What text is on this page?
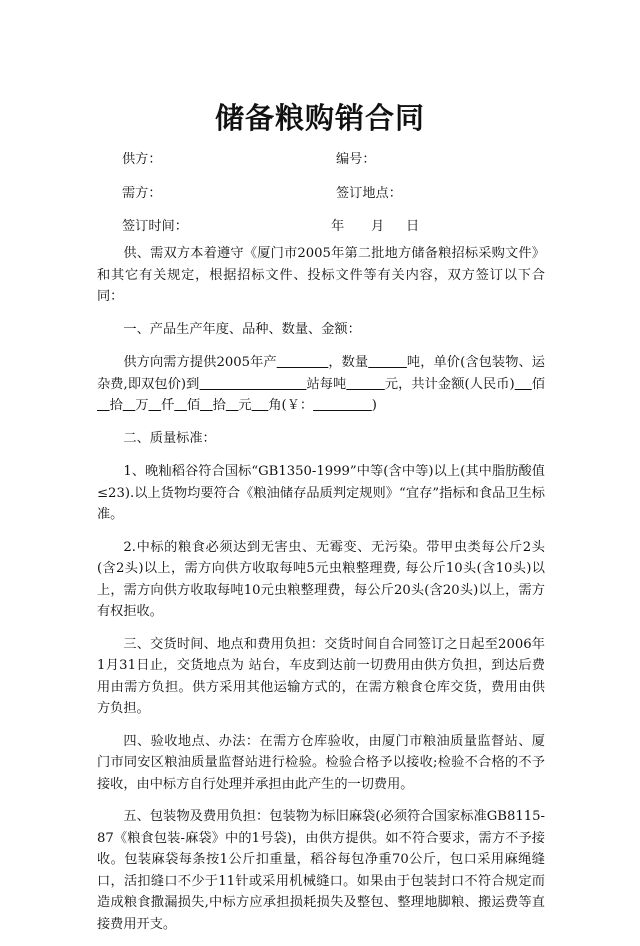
储备粮购销合同
供方：	编号：
需方：	签订地点：
签订时间：	年 月 日

供、需双方本着遵守《厦门市2005年第二批地方储备粮招标采购文件》和其它有关规定，根据招标文件、投标文件等有关内容，双方签订以下合同：

一、产品生产年度、品种、数量、金额：

供方向需方提供2005年产	，数量	吨，单价(含包装物、运杂费,即双包价)到	站每吨	元，共计金额(人民币) 佰   拾 万 仟 佰 拾 元 角(￥：	)

二、质量标准：

1、晚籼稻谷符合国标“GB1350-1999”中等(含中等)以上(其中脂肪酸值≤23).以上货物均要符合《粮油储存品质判定规则》“宜存”指标和食品卫生标准。

2.中标的粮食必须达到无害虫、无霉变、无污染。带甲虫类每公斤2头(含2头)以上，需方向供方收取每吨5元虫粮整理费, 每公斤10头(含10头)以上，需方向供方收取每吨10元虫粮整理费，每公斤20头(含20头)以上，需方有权拒收。

三、交货时间、地点和费用负担：交货时间自合同签订之日起至2006年1月31日止，交货地点为 站台，车皮到达前一切费用由供方负担，到达后费用由需方负担。供方采用其他运输方式的，在需方粮食仓库交货，费用由供方负担。

四、验收地点、办法：在需方仓库验收，由厦门市粮油质量监督站、厦门市同安区粮油质量监督站进行检验。检验合格予以接收;检验不合格的不予接收，由中标方自行处理并承担由此产生的一切费用。

五、包装物及费用负担：包装物为标旧麻袋(必须符合国家标准GB8115-87《粮食包装-麻袋》中的1号袋)，由供方提供。如不符合要求，需方不予接收。包装麻袋每条按1公斤扣重量，稻谷每包净重70公斤，包口采用麻绳缝口，活扣缝口不少于11针或采用机械缝口。如果由于包装封口不符合规定而造成粮食撒漏损失,中标方应承担损耗损失及整包、整理地脚粮、搬运费等直接费用开支。
